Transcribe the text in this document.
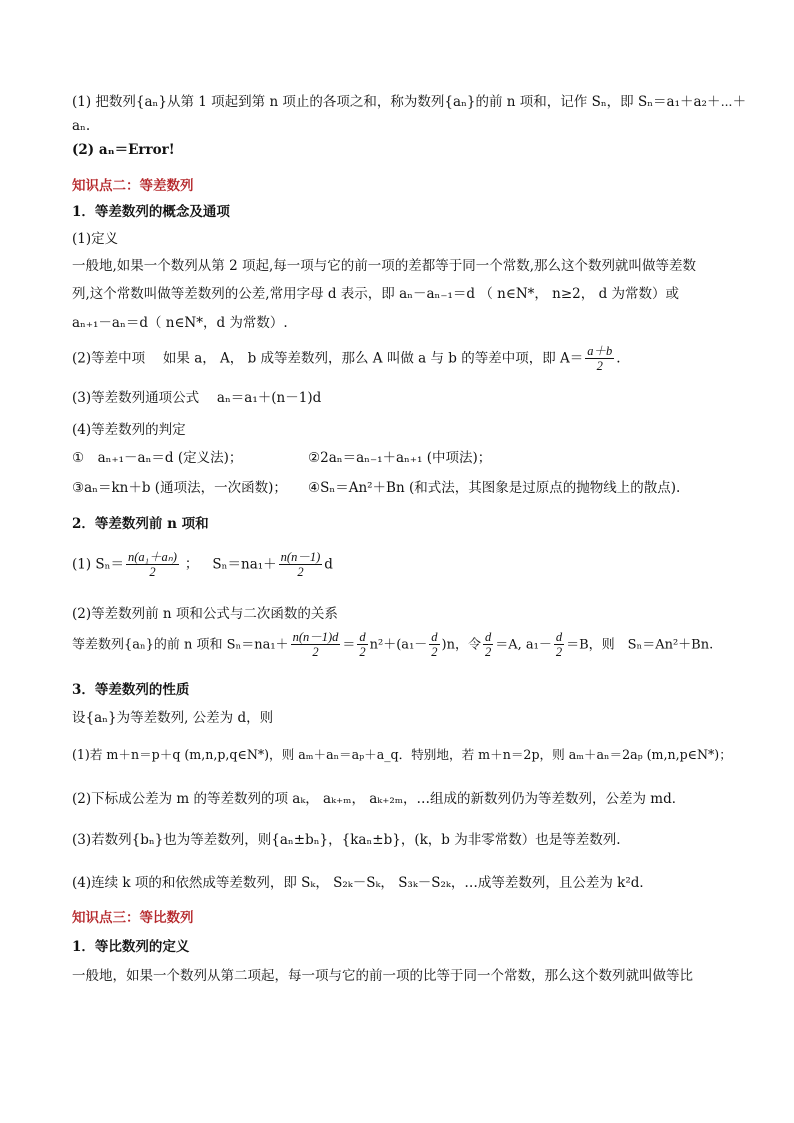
(1) 把数列{aₙ}从第 1 项起到第 n 项止的各项之和，称为数列{aₙ}的前 n 项和，记作 Sₙ，即 Sₙ＝a₁＋a₂＋⋯＋
aₙ.
(2) aₙ＝Error!
知识点二：等差数列
1．等差数列的概念及通项
(1)定义
一般地,如果一个数列从第 2 项起,每一项与它的前一项的差都等于同一个常数,那么这个数列就叫做等差数
列,这个常数叫做等差数列的公差,常用字母 d 表示，即 aₙ－aₙ₋₁＝d （ n∈N*， n≥2， d 为常数）或
aₙ₊₁－aₙ＝d（ n∈N*，d 为常数）.
(2)等差中项　 如果 a， A， b 成等差数列，那么 A 叫做 a 与 b 的等差中项，即 $A= \frac{a+b}{2}$ .
(3)等差数列通项公式　 aₙ＝a₁＋(n－1)d
(4)等差数列的判定
①　aₙ₊₁－aₙ＝d (定义法)；	②2aₙ＝aₙ₋₁＋aₙ₊₁ (中项法)；
③aₙ＝kn＋b (通项法，一次函数)； ④Sₙ＝An²＋Bn (和式法，其图象是过原点的抛物线上的散点).
2．等差数列前 n 项和
(1) $S_n= \frac{\text{n(a₁＋aₙ)}}{2}$ ； $S_n=na_1+ \frac{n(n-1)}{2}$ d
(2)等差数列前 n 项和公式与二次函数的关系
等差数列{aₙ}的前 n 项和 $S_n=na_1+ \frac{n(n-1)d}{2} = \frac{d}{2} n^2+(a_1- \frac{d}{2} )n$，令 $\frac{d}{2} =A$, $a_1- \frac{d}{2} =B$，则　Sₙ＝An²＋Bn.
3．等差数列的性质
设{aₙ}为等差数列, 公差为 d，则
(1)若 m＋n＝p＋q (m,n,p,q∈N*)，则 aₘ＋aₙ＝aₚ＋a_q．特别地，若 m＋n＝2p，则 aₘ＋aₙ＝2aₚ (m,n,p∈N*)；
(2)下标成公差为 m 的等差数列的项 aₖ， aₖ₊ₘ， aₖ₊₂ₘ，…组成的新数列仍为等差数列，公差为 md．
(3)若数列{bₙ}也为等差数列，则{aₙ±bₙ}，{kaₙ±b}，(k，b 为非零常数）也是等差数列.
(4)连续 k 项的和依然成等差数列，即 Sₖ， S₂ₖ－Sₖ， S₃ₖ－S₂ₖ，…成等差数列，且公差为 k²d．
知识点三：等比数列
1．等比数列的定义
一般地，如果一个数列从第二项起，每一项与它的前一项的比等于同一个常数，那么这个数列就叫做等比
